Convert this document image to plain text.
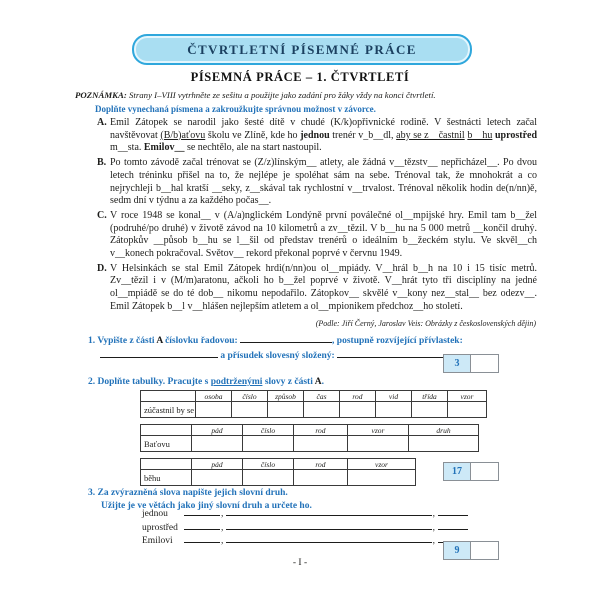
ČTVRTLETNÍ PÍSEMNÉ PRÁCE
PÍSEMNÁ PRÁCE – 1. ČTVRTLETÍ
POZNÁMKA: Strany I–VIII vytrhněte ze sešitu a použijte jako zadání pro žáky vždy na konci čtvrtletí.
Doplňte vynechaná písmena a zakroužkujte správnou možnost v závorce.
A. Emil Zátopek se narodil jako šesté dítě v chudé (K/k)opřivnické rodině. V šestnácti letech začal navštěvovat (B/b)aťovu školu ve Zlíně, kde ho jednou trenér v_b__dl, aby se z__častnil b__hu uprostřed m__sta. Emilov__ se nechtělo, ale na start nastoupil.
B. Po tomto závodě začal trénovat se (Z/z)línským__ atlety, ale žádná v__tězstv__ nepřicházel__. Po dvou letech tréninku přišel na to, že nejlépe je spoléhat sám na sebe. Trénoval tak, že mnohokrát a co nejrychleji b__hal kratší __seky, z__skával tak rychlostní v__trvalost. Trénoval několik hodin de(n/nn)ě, sedm dní v týdnu a za každého počas__.
C. V roce 1948 se konal__ v (A/a)nglickém Londýně první poválečné ol__mpijské hry. Emil tam b__žel (podruhé/po druhé) v životě závod na 10 kilometrů a zv__tězil. V b__hu na 5 000 metrů __končil druhý. Zátopkův __působ b__hu se l__šil od představ trenérů o ideálním b__žeckém stylu. Ve skvěl__ch v__konech pokračoval. Světov__ rekord překonal poprvé v červnu 1949.
D. V Helsinkách se stal Emil Zátopek hrdi(n/nn)ou ol__mpiády. V__hrál b__h na 10 i 15 tisíc metrů. Zv__tězil i v (M/m)aratonu, ačkoli ho b__žel poprvé v životě. V__hrát tyto tři disciplíny na jedné ol__mpiádě se do té dob__ nikomu nepodařilo. Zátopkov__ skvělé v__kony nez__stal__ bez odezv__. Emil Zátopek b__l v__hlášen nejlepším atletem a ol__mpionikem předchoz__ho století.
(Podle: Jiří Černý, Jaroslav Veis: Obrázky z československých dějin)
1. Vypište z části A číslovku řadovou:	, postupně rozvíjející přívlastek:
a přísudek slovesný složený:
3
2. Doplňte tabulky. Pracujte s podtrženými slovy z části A.
	osoba	číslo	způsob	čas	rod	vid	třída	vzor
zúčastnil by se								
	pád	číslo	rod	vzor	druh
Baťovu					
	pád	číslo	rod	vzor
běhu				
17
3. Za zvýrazněná slova napište jejich slovní druh.
Užijte je ve větách jako jiný slovní druh a určete ho.
jednou	,	,
uprostřed	,	,
Emilovi	,	,
9
- I -
